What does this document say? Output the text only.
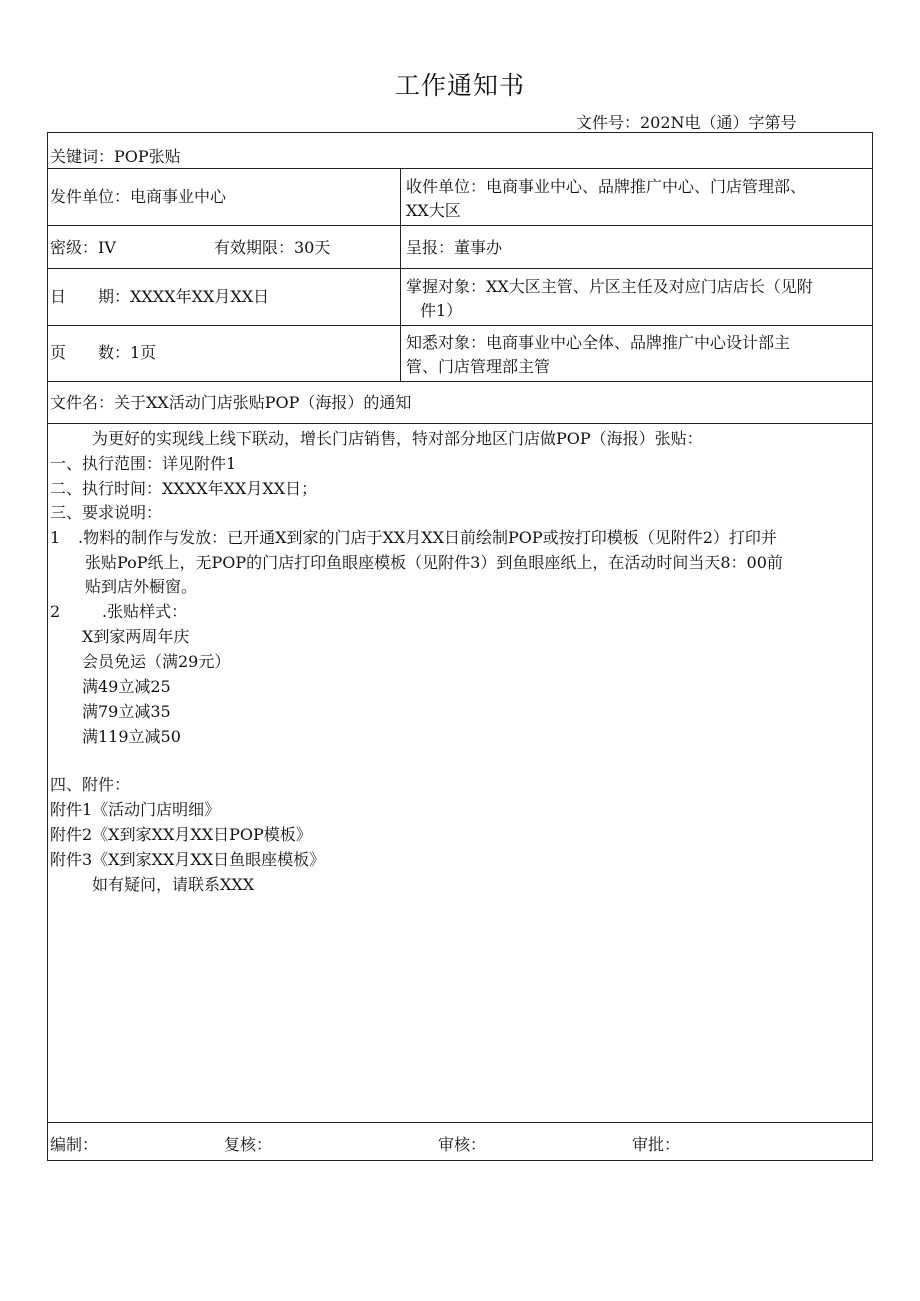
工作通知书
文件号：202N电（通）字第号
关键词：POP张贴
发件单位：电商事业中心
收件单位：电商事业中心、品牌推广中心、门店管理部、
XX大区
密级：IV	有效期限：30天	呈报：董事办
日　　期：XXXX年XX月XX日
掌握对象：XX大区主管、片区主任及对应门店店长（见附
件1）
页　　数：1页
知悉对象：电商事业中心全体、品牌推广中心设计部主
管、门店管理部主管
文件名：关于XX活动门店张贴POP（海报）的通知
为更好的实现线上线下联动，增长门店销售，特对部分地区门店做POP（海报）张贴：
一、执行范围：详见附件1
二、执行时间：XXXX年XX月XX日；
三、要求说明：
1 .物料的制作与发放：已开通X到家的门店于XX月XX日前绘制POP或按打印模板（见附件2）打印并
张贴PoP纸上，无POP的门店打印鱼眼座模板（见附件3）到鱼眼座纸上，在活动时间当天8：00前
贴到店外橱窗。
2	.张贴样式：
X到家两周年庆
会员免运（满29元）
满49立减25
满79立减35
满119立减50
四、附件：
附件1《活动门店明细》
附件2《X到家XX月XX日POP模板》
附件3《X到家XX月XX日鱼眼座模板》
如有疑问，请联系XXX
编制：	复核：	审核：	审批：
